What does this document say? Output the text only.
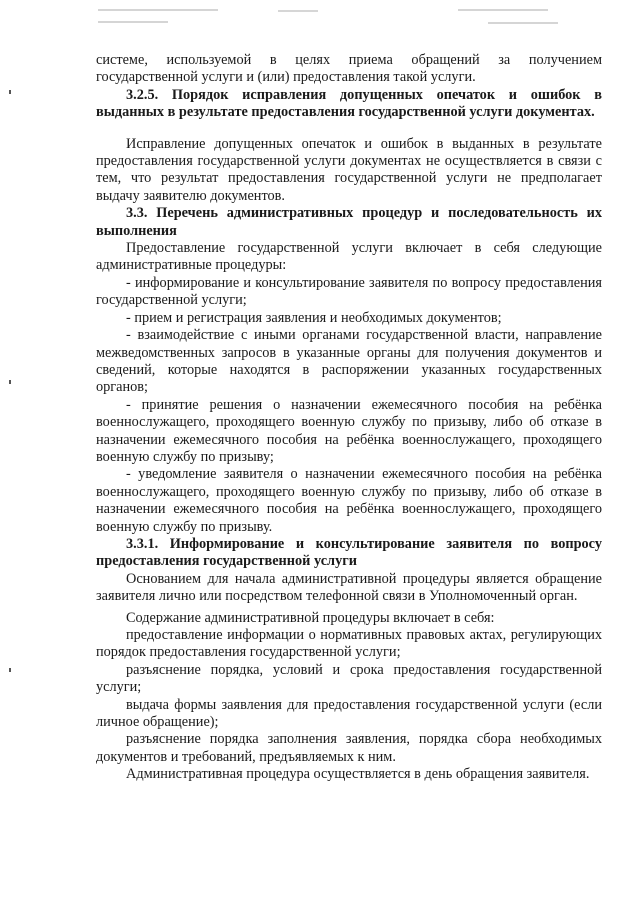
системе, используемой в целях приема обращений за получением государственной услуги и (или) предоставления такой услуги.

3.2.5. Порядок исправления допущенных опечаток и ошибок в выданных в результате предоставления государственной услуги документах.

Исправление допущенных опечаток и ошибок в выданных в результате предоставления государственной услуги документах не осуществляется в связи с тем, что результат предоставления государственной услуги не предполагает выдачу заявителю документов.

3.3. Перечень административных процедур и последовательность их выполнения

Предоставление государственной услуги включает в себя следующие административные процедуры:

- информирование и консультирование заявителя по вопросу предоставления государственной услуги;

- прием и регистрация заявления и необходимых документов;

- взаимодействие с иными органами государственной власти, направление межведомственных запросов в указанные органы для получения документов и сведений, которые находятся в распоряжении указанных государственных органов;

- принятие решения о назначении ежемесячного пособия на ребёнка военнослужащего, проходящего военную службу по призыву, либо об отказе в назначении ежемесячного пособия на ребёнка военнослужащего, проходящего военную службу по призыву;

- уведомление заявителя о назначении ежемесячного пособия на ребёнка военнослужащего, проходящего военную службу по призыву, либо об отказе в назначении ежемесячного пособия на ребёнка военнослужащего, проходящего военную службу по призыву.

3.3.1. Информирование и консультирование заявителя по вопросу предоставления государственной услуги

Основанием для начала административной процедуры является обращение заявителя лично или посредством телефонной связи в Уполномоченный орган.

Содержание административной процедуры включает в себя:

предоставление информации о нормативных правовых актах, регулирующих порядок предоставления государственной услуги;

разъяснение порядка, условий и срока предоставления государственной услуги;

выдача формы заявления для предоставления государственной услуги (если личное обращение);

разъяснение порядка заполнения заявления, порядка сбора необходимых документов и требований, предъявляемых к ним.

Административная процедура осуществляется в день обращения заявителя.
